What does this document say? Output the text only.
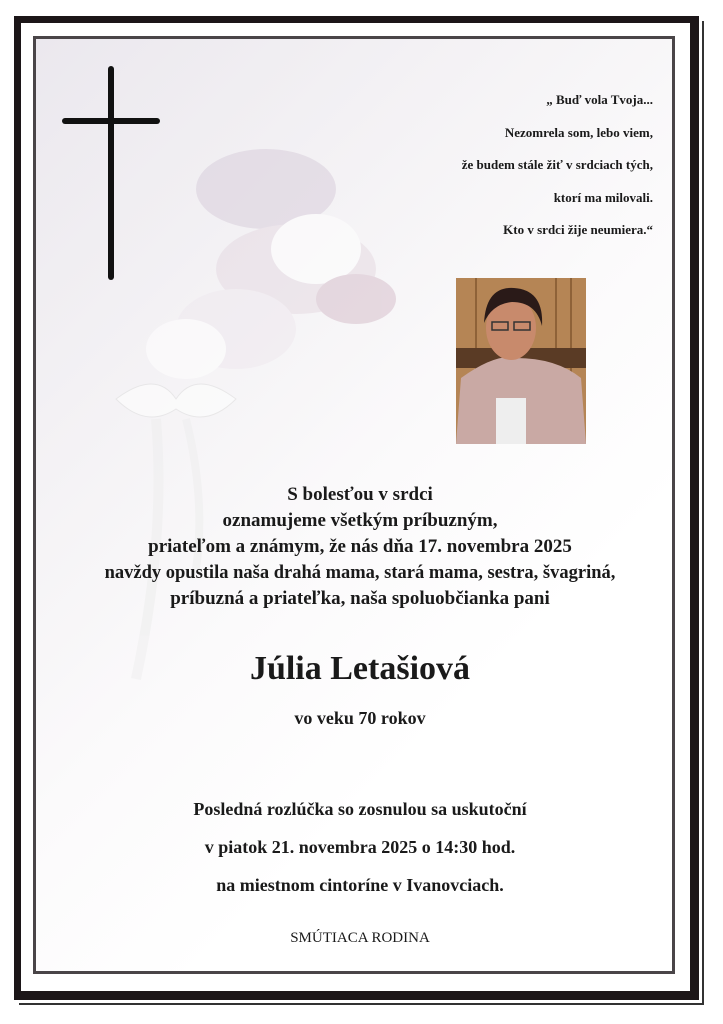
„ Buď vola Tvoja...
Nezomrela som, lebo viem,
že budem stále žiť v srdciach tých,
ktorí ma milovali.
Kto v srdci žije neumiera.“
S bolesťou v srdci
oznamujeme všetkým príbuzným,
priateľom a známym, že nás dňa 17. novembra 2025
navždy opustila naša drahá mama, stará mama, sestra, švagriná,
príbuzná a priateľka, naša spoluobčianka pani
Júlia Letašiová
vo veku 70 rokov
Posledná rozlúčka so zosnulou sa uskutoční
v piatok 21. novembra 2025 o 14:30 hod.
na miestnom cintoríne v Ivanovciach.
SMÚTIACA RODINA
